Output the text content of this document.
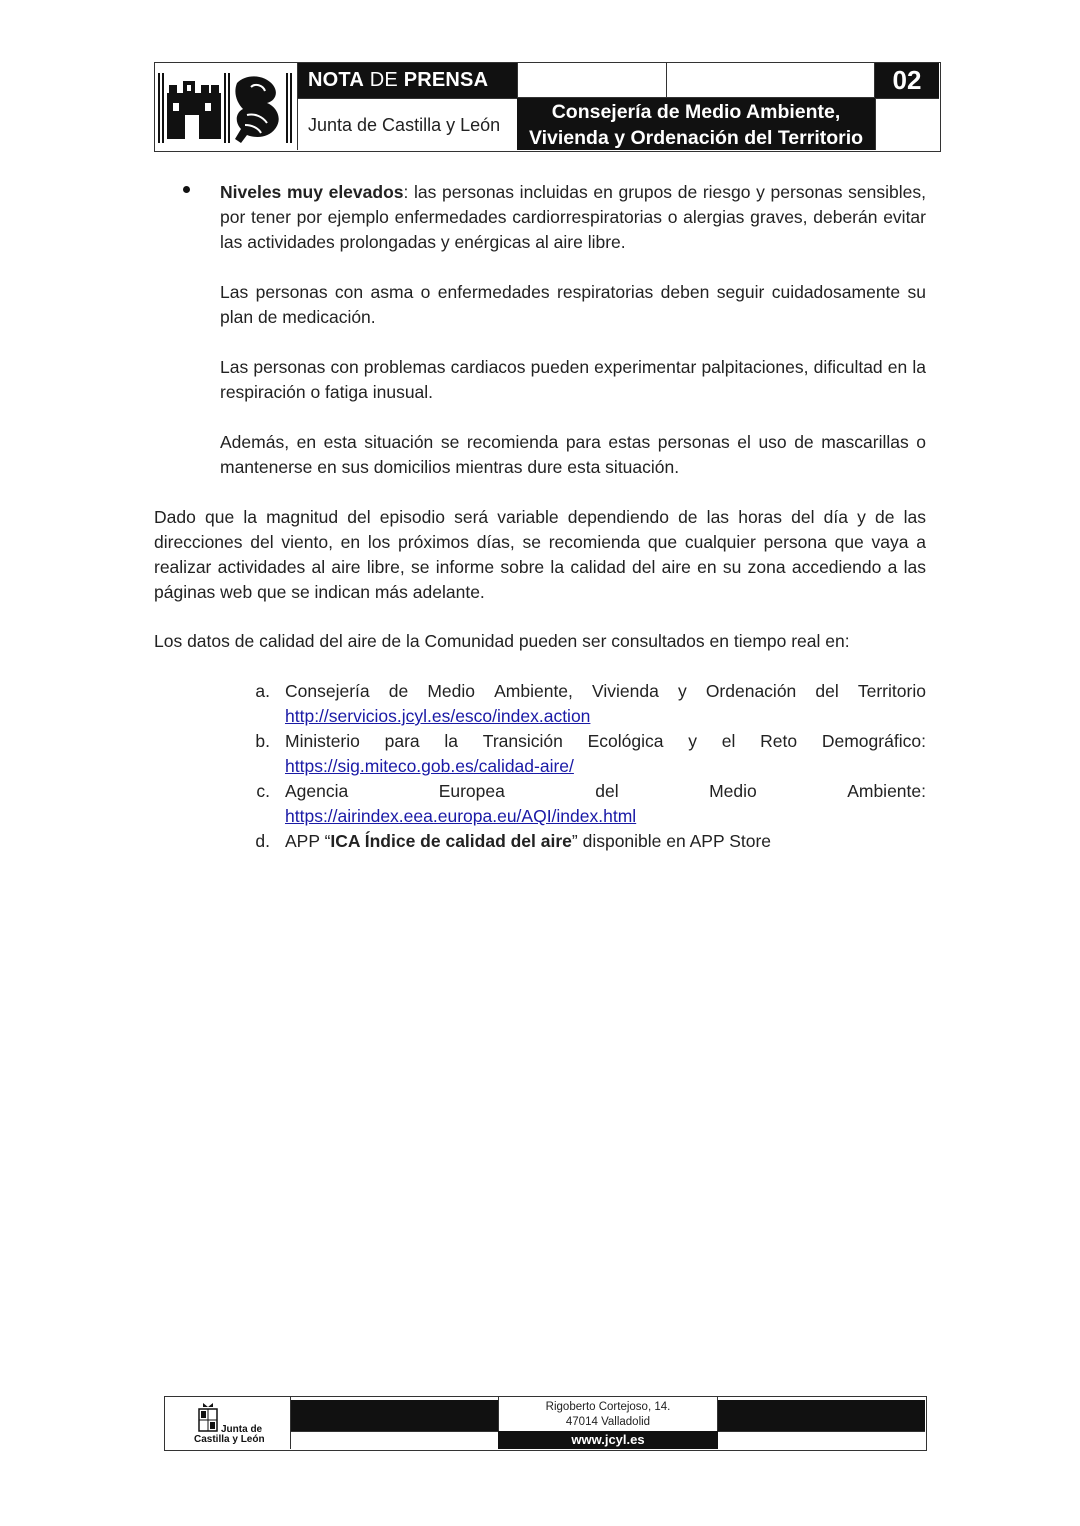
NOTA DE PRENSA	02
Junta de Castilla y León
Consejería de Medio Ambiente,
Vivienda y Ordenación del Territorio
Niveles muy elevados: las personas incluidas en grupos de riesgo y personas sensibles, por tener por ejemplo enfermedades cardiorrespiratorias o alergias graves, deberán evitar las actividades prolongadas y enérgicas al aire libre.
Las personas con asma o enfermedades respiratorias deben seguir cuidadosamente su plan de medicación.
Las personas con problemas cardiacos pueden experimentar palpitaciones, dificultad en la respiración o fatiga inusual.
Además, en esta situación se recomienda para estas personas el uso de mascarillas o mantenerse en sus domicilios mientras dure esta situación.
Dado que la magnitud del episodio será variable dependiendo de las horas del día y de las direcciones del viento, en los próximos días, se recomienda que cualquier persona que vaya a realizar actividades al aire libre, se informe sobre la calidad del aire en su zona accediendo a las páginas web que se indican más adelante.
Los datos de calidad del aire de la Comunidad pueden ser consultados en tiempo real en:
a. Consejería de Medio Ambiente, Vivienda y Ordenación del Territorio
http://servicios.jcyl.es/esco/index.action
b. Ministerio para la Transición Ecológica y el Reto Demográfico:
https://sig.miteco.gob.es/calidad-aire/
c. Agencia	Europea	del	Medio	Ambiente:
https://airindex.eea.europa.eu/AQI/index.html
d. APP “ICA Índice de calidad del aire” disponible en APP Store
Junta de
Castilla y León
Rigoberto Cortejoso, 14.
47014 Valladolid
www.jcyl.es
